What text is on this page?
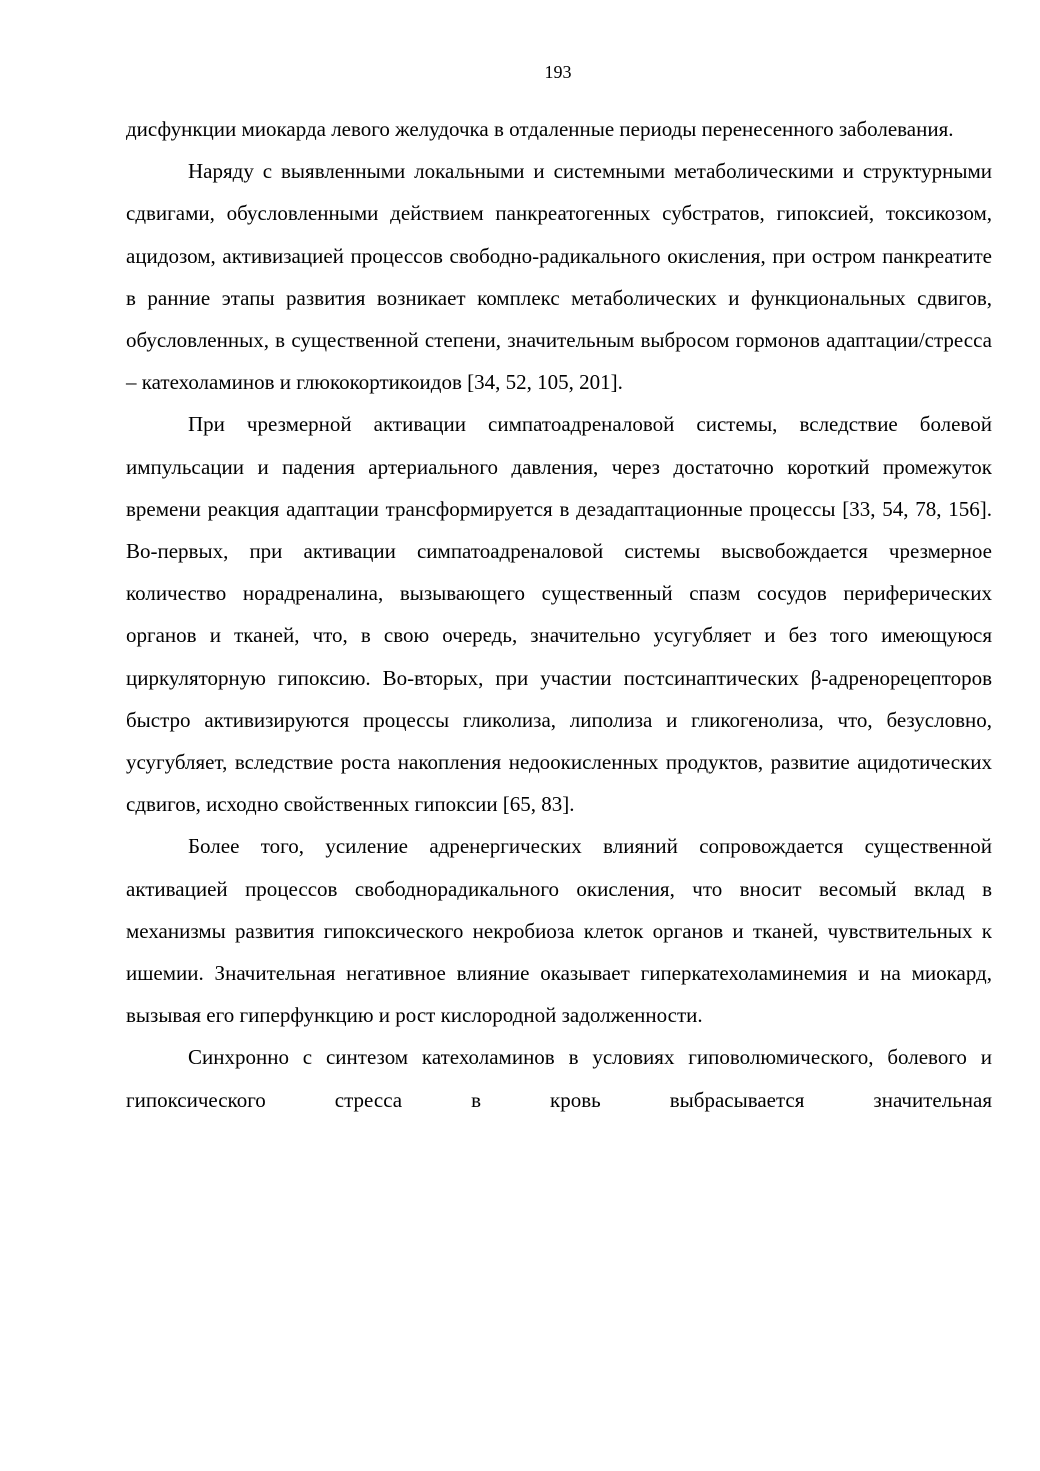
193

дисфункции миокарда левого желудочка в отдаленные периоды перенесенного заболевания.

Наряду с выявленными локальными и системными метаболическими и структурными сдвигами, обусловленными действием панкреатогенных субстратов, гипоксией, токсикозом, ацидозом, активизацией процессов свободно-радикального окисления, при остром панкреатите в ранние этапы развития возникает комплекс метаболических и функциональных сдвигов, обусловленных, в существенной степени, значительным выбросом гормонов адаптации/стресса – катехоламинов и глюкокортикоидов [34, 52, 105, 201].

При чрезмерной активации симпатоадреналовой системы, вследствие болевой импульсации и падения артериального давления, через достаточно короткий промежуток времени реакция адаптации трансформируется в дезадаптационные процессы [33, 54, 78, 156]. Во-первых, при активации симпатоадреналовой системы высвобождается чрезмерное количество норадреналина, вызывающего существенный спазм сосудов периферических органов и тканей, что, в свою очередь, значительно усугубляет и без того имеющуюся циркуляторную гипоксию. Во-вторых, при участии постсинаптических β-адренорецепторов быстро активизируются процессы гликолиза, липолиза и гликогенолиза, что, безусловно, усугубляет, вследствие роста накопления недоокисленных продуктов, развитие ацидотических сдвигов, исходно свойственных гипоксии [65, 83].

Более того, усиление адренергических влияний сопровождается существенной активацией процессов свободнорадикального окисления, что вносит весомый вклад в механизмы развития гипоксического некробиоза клеток органов и тканей, чувствительных к ишемии. Значительная негативное влияние оказывает гиперкатехоламинемия и на миокард, вызывая его гиперфункцию и рост кислородной задолженности.

Синхронно с синтезом катехоламинов в условиях гиповолюмического, болевого и гипоксического стресса в кровь выбрасывается значительная
